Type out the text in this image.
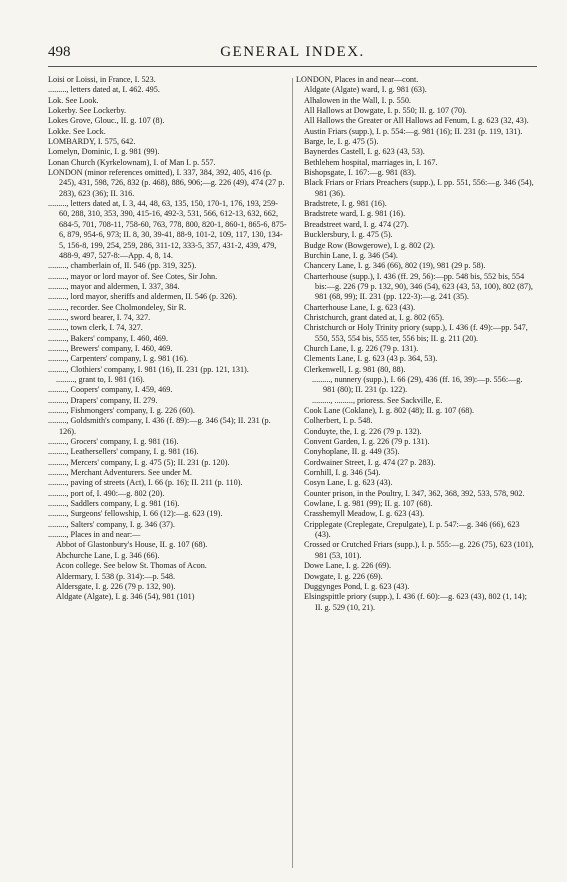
498	GENERAL INDEX.
Loisi or Loissi, in France, I. 523.
........., letters dated at, I. 462. 495.
Lok. See Look.
Lokerby. See Lockerby.
Lokes Grove, Glouc., II. g. 107 (8).
Lokke. See Lock.
LOMBARDY, I. 575, 642.
Lomelyn, Dominic, I. g. 981 (99).
Lonan Church (Kyrkelownam), I. of Man I. p. 557.
LONDON (minor references omitted), I. 337, 384, 392, 405, 416 (p. 245), 431, 598, 726, 832 (p. 468), 886, 906;—g. 226 (49), 474 (27 p. 283), 623 (36); II. 316.
........., letters dated at, I. 3, 44, 48, 63, 135, 150, 170-1, 176, 193, 259-60, 288, 310, 353, 390, 415-16, 492-3, 531, 566, 612-13, 632, 662, 684-5, 701, 708-11, 758-60, 763, 778, 800, 820-1, 860-1, 865-6, 875-6, 879, 954-6, 973; II. 8, 30, 39-41, 88-9, 101-2, 109, 117, 130, 134-5, 156-8, 199, 254, 259, 286, 311-12, 333-5, 357, 431-2, 439, 479, 488-9, 497, 527-8:—App. 4, 8, 14.
........., chamberlain of, II. 546 (pp. 319, 325).
........., mayor or lord mayor of. See Cotes, Sir John.
........., mayor and aldermen, I. 337, 384.
........., lord mayor, sheriffs and aldermen, II. 546 (p. 326).
........., recorder. See Cholmondeley, Sir R.
........., sword bearer, I. 74, 327.
........., town clerk, I. 74, 327.
........., Bakers' company, I. 460, 469.
........., Brewers' company, I. 460, 469.
........., Carpenters' company, I. g. 981 (16).
........., Clothiers' company, I. 981 (16), II. 231 (pp. 121, 131).
........., grant to, I. 981 (16).
........., Coopers' company, I. 459, 469.
........., Drapers' company, II. 279.
........., Fishmongers' company, I. g. 226 (60).
........., Goldsmith's company, I. 436 (f. 89):—g. 346 (54); II. 231 (p. 126).
........., Grocers' company, I. g. 981 (16).
........., Leathersellers' company, I. g. 981 (16).
........., Mercers' company, I. g. 475 (5); II. 231 (p. 120).
........., Merchant Adventurers. See under M.
........., paving of streets (Act), I. 66 (p. 16); II. 211 (p. 110).
........., port of, I. 490:—g. 802 (20).
........., Saddlers company, I. g. 981 (16).
........., Surgeons' fellowship, I. 66 (12):—g. 623 (19).
........., Salters' company, I. g. 346 (37).
........., Places in and near:—
Abbot of Glastonbury's House, II. g. 107 (68).
Abchurche Lane, I. g. 346 (66).
Acon college. See below St. Thomas of Acon.
Aldermary, I. 538 (p. 314):—p. 548.
Aldersgate, I. g. 226 (79 p. 132, 90).
Aldgate (Algate), I. g. 346 (54), 981 (101)
LONDON, Places in and near—cont.
Aldgate (Algate) ward, I. g. 981 (63).
Alhalowen in the Wall, I. p. 550.
All Hallows at Dowgate, I. p. 550; II. g. 107 (70).
All Hallows the Greater or All Hallows ad Fenum, I. g. 623 (32, 43).
Austin Friars (supp.), I. p. 554:—g. 981 (16); II. 231 (p. 119, 131).
Barge, le, I. g. 475 (5).
Baynerdes Castell, I. g. 623 (43, 53).
Bethlehem hospital, marriages in, I. 167.
Bishopsgate, I. 167:—g. 981 (83).
Black Friars or Friars Preachers (supp.), I. pp. 551, 556:—g. 346 (54), 981 (36).
Bradstrete, I. g. 981 (16).
Bradstrete ward, I. g. 981 (16).
Breadstreet ward, I. g. 474 (27).
Bucklersbury, I. g. 475 (5).
Budge Row (Bowgerowe), I. g. 802 (2).
Burchin Lane, I. g. 346 (54).
Chancery Lane, I. g. 346 (66), 802 (19), 981 (29 p. 58).
Charterhouse (supp.), I. 436 (ff. 29, 56):—pp. 548 bis, 552 bis, 554 bis:—g. 226 (79 p. 132, 90), 346 (54), 623 (43, 53, 100), 802 (87), 981 (68, 99); II. 231 (pp. 122-3):—g. 241 (35).
Charterhouse Lane, I. g. 623 (43).
Christchurch, grant dated at, I. g. 802 (65).
Christchurch or Holy Trinity priory (supp.), I. 436 (f. 49):—pp. 547, 550, 553, 554 bis, 555 ter, 556 bis; II. g. 211 (20).
Church Lane, I. g. 226 (79 p. 131).
Clements Lane, I. g. 623 (43 p. 364, 53).
Clerkenwell, I. g. 981 (80, 88).
........., nunnery (supp.), I. 66 (29), 436 (ff. 16, 39):—p. 556:—g. 981 (80); II. 231 (p. 122).
........., ........., prioress. See Sackville, E.
Cook Lane (Coklane), I. g. 802 (48); II. g. 107 (68).
Colherbert, I. p. 548.
Conduyte, the, I. g. 226 (79 p. 132).
Convent Garden, I. g. 226 (79 p. 131).
Conyhoplane, II. g. 449 (35).
Cordwainer Street, I. g. 474 (27 p. 283).
Cornhill, I. g. 346 (54).
Cosyn Lane, I. g. 623 (43).
Counter prison, in the Poultry, I. 347, 362, 368, 392, 533, 578, 902.
Cowlane, I. g. 981 (99); II. g. 107 (68).
Crasshemyll Meadow, I. g. 623 (43).
Cripplegate (Creplegate, Crepulgate), I. p. 547:—g. 346 (66), 623 (43).
Crossed or Crutched Friars (supp.), I. p. 555:—g. 226 (75), 623 (101), 981 (53, 101).
Dowe Lane, I. g. 226 (69).
Dowgate, I. g. 226 (69).
Duggynges Pond, I. g. 623 (43).
Elsingspittle priory (supp.), I. 436 (f. 60):—g. 623 (43), 802 (1, 14); II. g. 529 (10, 21).
